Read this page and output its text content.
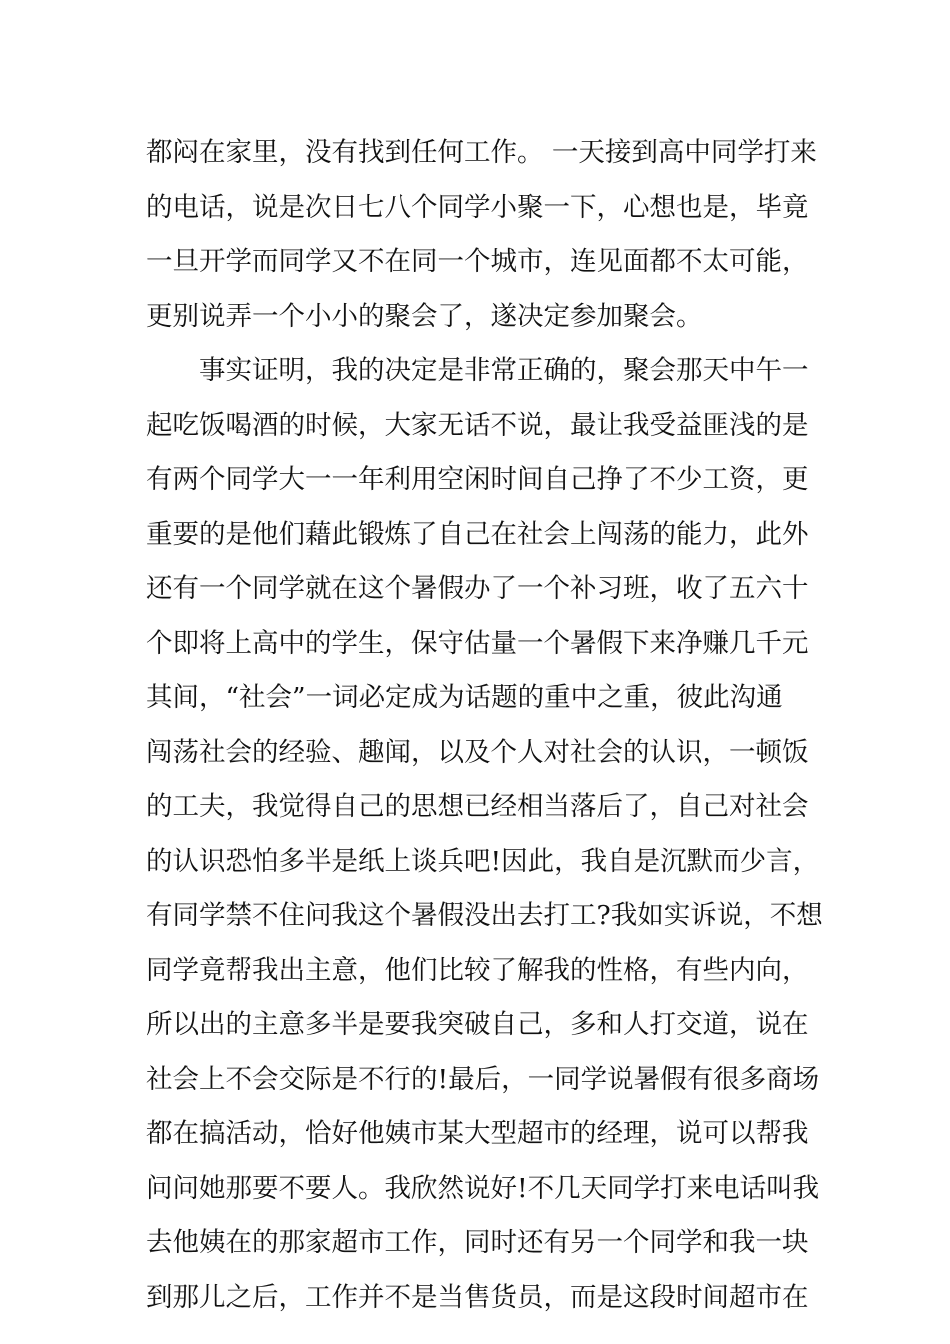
都闷在家里，没有找到任何工作。 一天接到高中同学打来
的电话，说是次日七八个同学小聚一下，心想也是，毕竟
一旦开学而同学又不在同一个城市，连见面都不太可能，
更别说弄一个小小的聚会了，遂决定参加聚会。
　　事实证明，我的决定是非常正确的，聚会那天中午一
起吃饭喝酒的时候，大家无话不说，最让我受益匪浅的是
有两个同学大一一年利用空闲时间自己挣了不少工资，更
重要的是他们藉此锻炼了自己在社会上闯荡的能力，此外
还有一个同学就在这个暑假办了一个补习班，收了五六十
个即将上高中的学生，保守估量一个暑假下来净赚几千元
其间，“社会”一词必定成为话题的重中之重，彼此沟通
闯荡社会的经验、趣闻，以及个人对社会的认识，一顿饭
的工夫，我觉得自己的思想已经相当落后了，自己对社会
的认识恐怕多半是纸上谈兵吧!因此，我自是沉默而少言，
有同学禁不住问我这个暑假没出去打工?我如实诉说，不想
同学竟帮我出主意，他们比较了解我的性格，有些内向，
所以出的主意多半是要我突破自己，多和人打交道，说在
社会上不会交际是不行的!最后，一同学说暑假有很多商场
都在搞活动，恰好他姨市某大型超市的经理，说可以帮我
问问她那要不要人。我欣然说好!不几天同学打来电话叫我
去他姨在的那家超市工作，同时还有另一个同学和我一块
到那儿之后，工作并不是当售货员，而是这段时间超市在
